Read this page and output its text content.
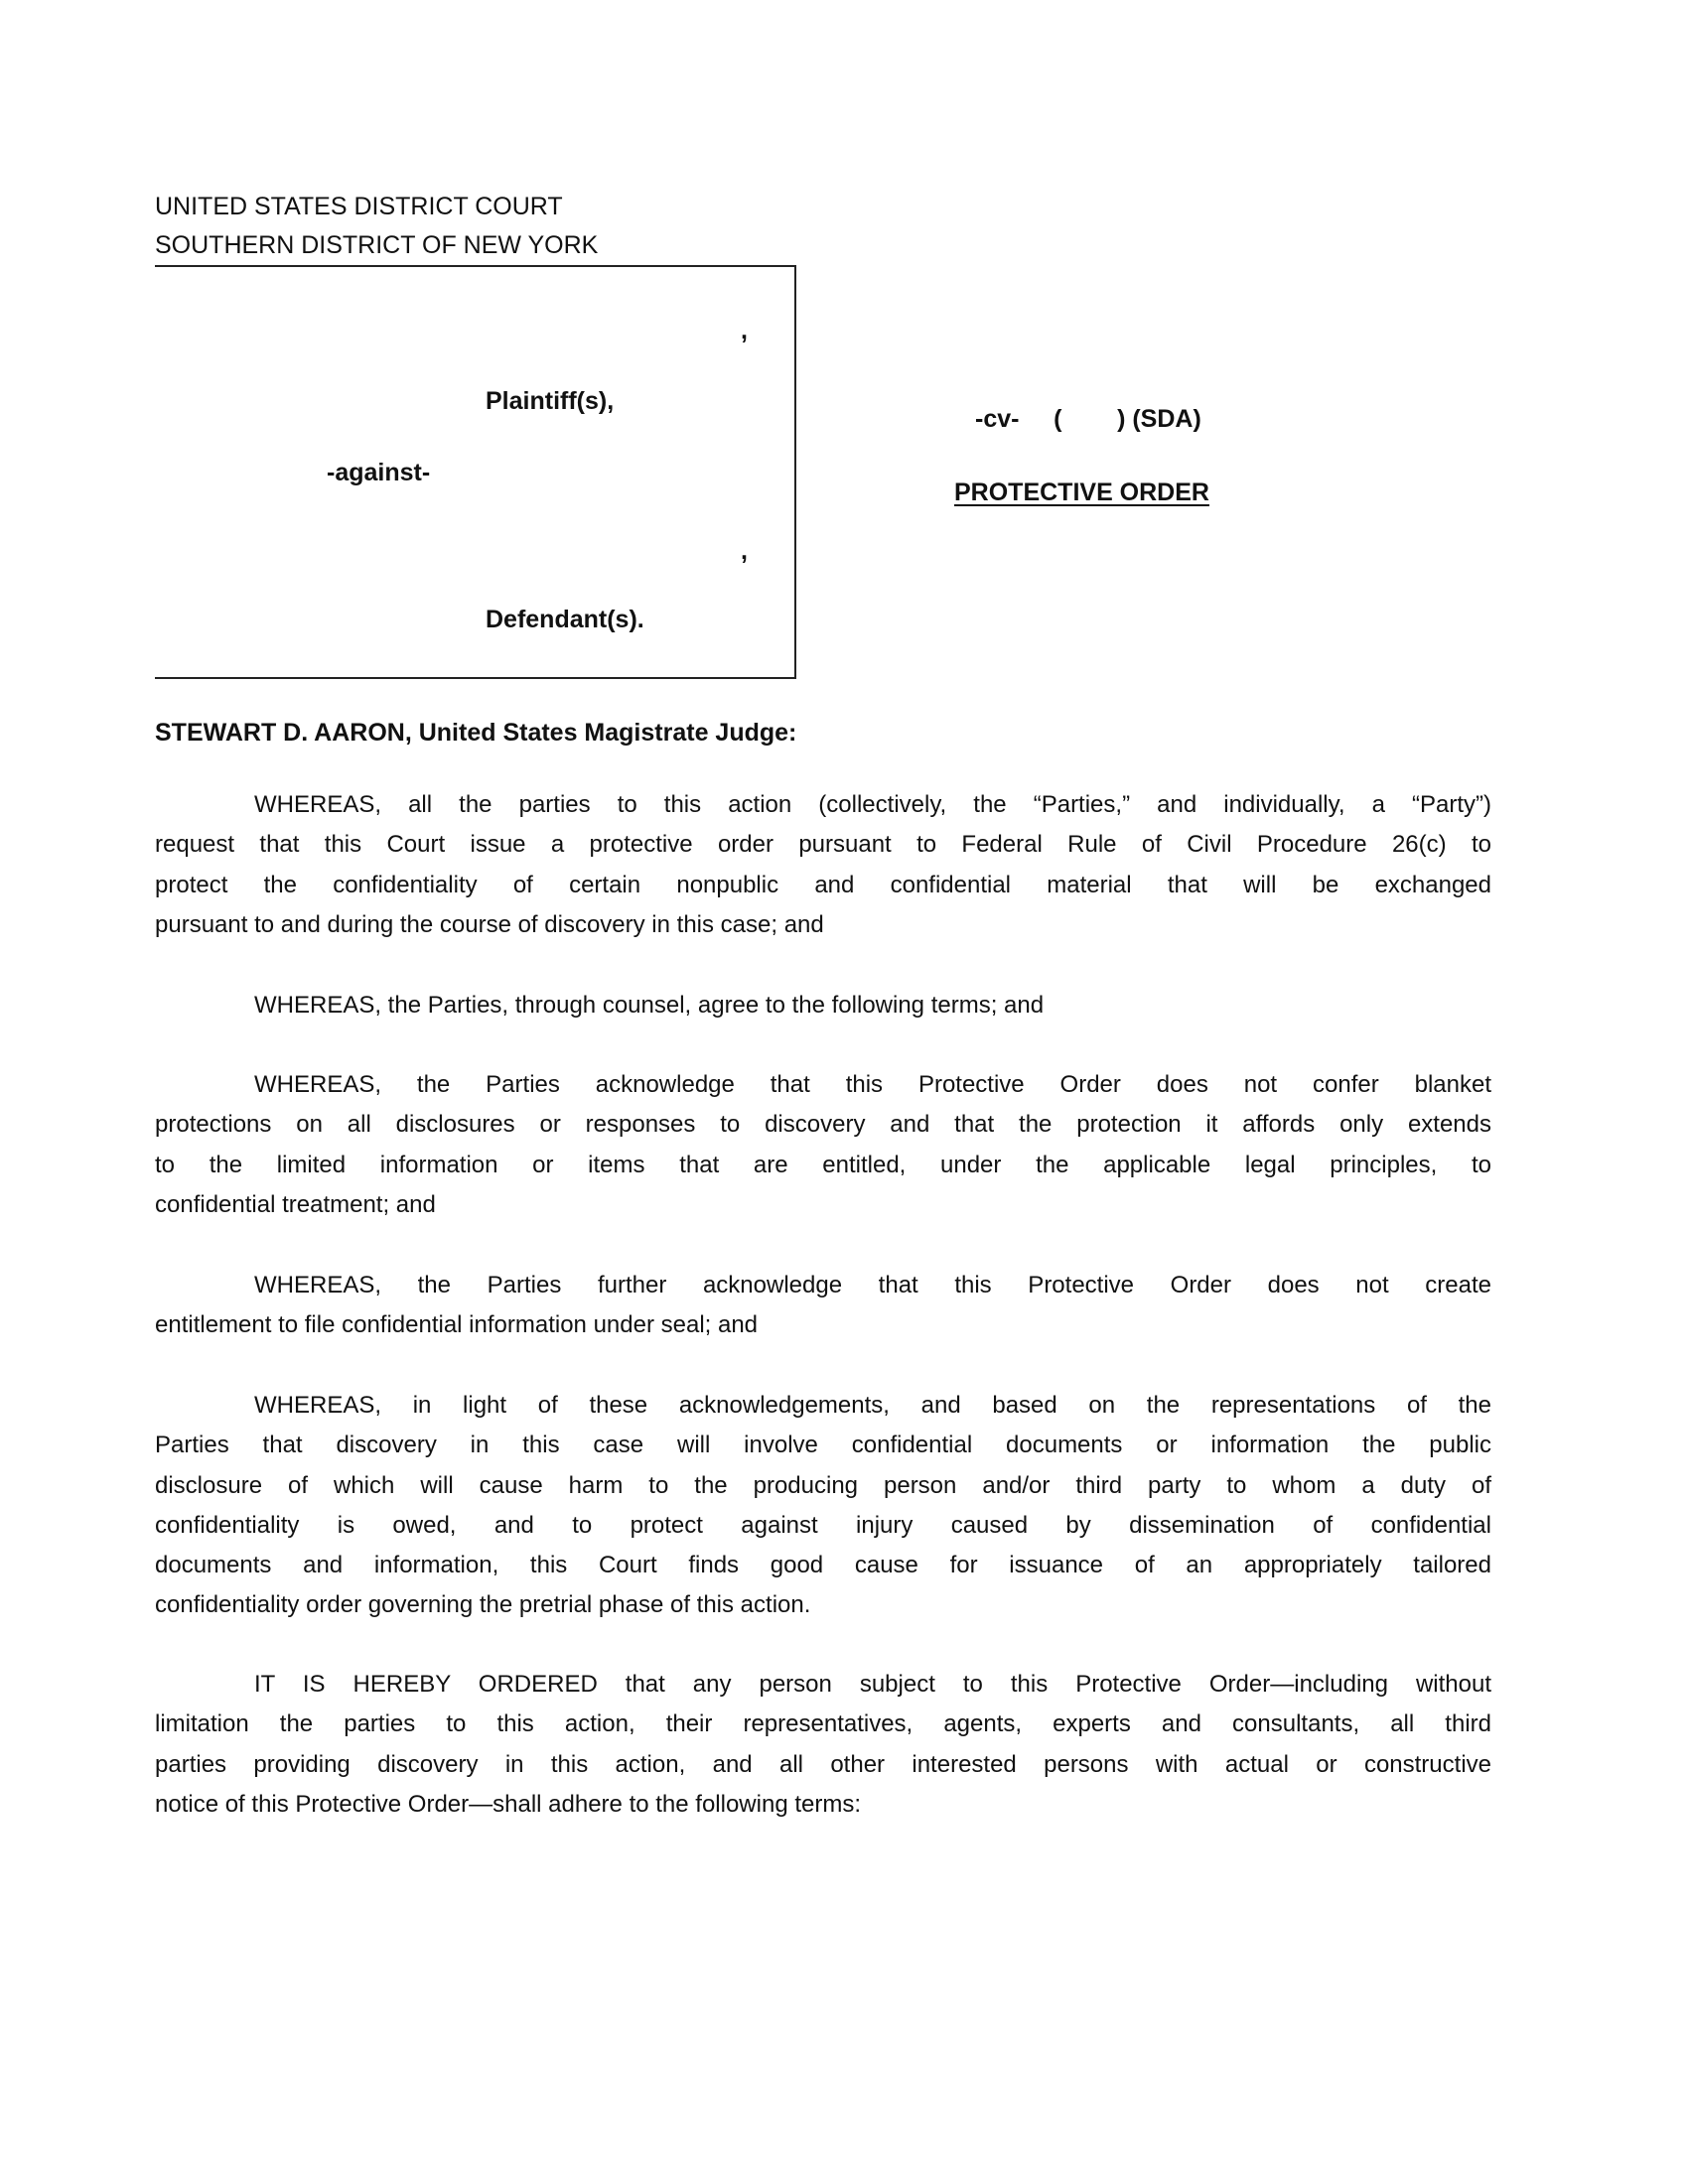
UNITED STATES DISTRICT COURT
SOUTHERN DISTRICT OF NEW YORK
,
Plaintiff(s),
-against-
,
Defendant(s).
-cv-     (        ) (SDA)
PROTECTIVE ORDER
STEWART D. AARON, United States Magistrate Judge:
WHEREAS, all the parties to this action (collectively, the “Parties,” and individually, a “Party”)
request that this Court issue a protective order pursuant to Federal Rule of Civil Procedure 26(c) to
protect the confidentiality of certain nonpublic and confidential material that will be exchanged
pursuant to and during the course of discovery in this case; and
WHEREAS, the Parties, through counsel, agree to the following terms; and
WHEREAS, the Parties acknowledge that this Protective Order does not confer blanket
protections on all disclosures or responses to discovery and that the protection it affords only extends
to the limited information or items that are entitled, under the applicable legal principles, to
confidential treatment; and
WHEREAS, the Parties further acknowledge that this Protective Order does not create
entitlement to file confidential information under seal; and
WHEREAS, in light of these acknowledgements, and based on the representations of the
Parties that discovery in this case will involve confidential documents or information the public
disclosure of which will cause harm to the producing person and/or third party to whom a duty of
confidentiality is owed, and to protect against injury caused by dissemination of confidential
documents and information, this Court finds good cause for issuance of an appropriately tailored
confidentiality order governing the pretrial phase of this action.
IT IS HEREBY ORDERED that any person subject to this Protective Order—including without
limitation the parties to this action, their representatives, agents, experts and consultants, all third
parties providing discovery in this action, and all other interested persons with actual or constructive
notice of this Protective Order—shall adhere to the following terms:
